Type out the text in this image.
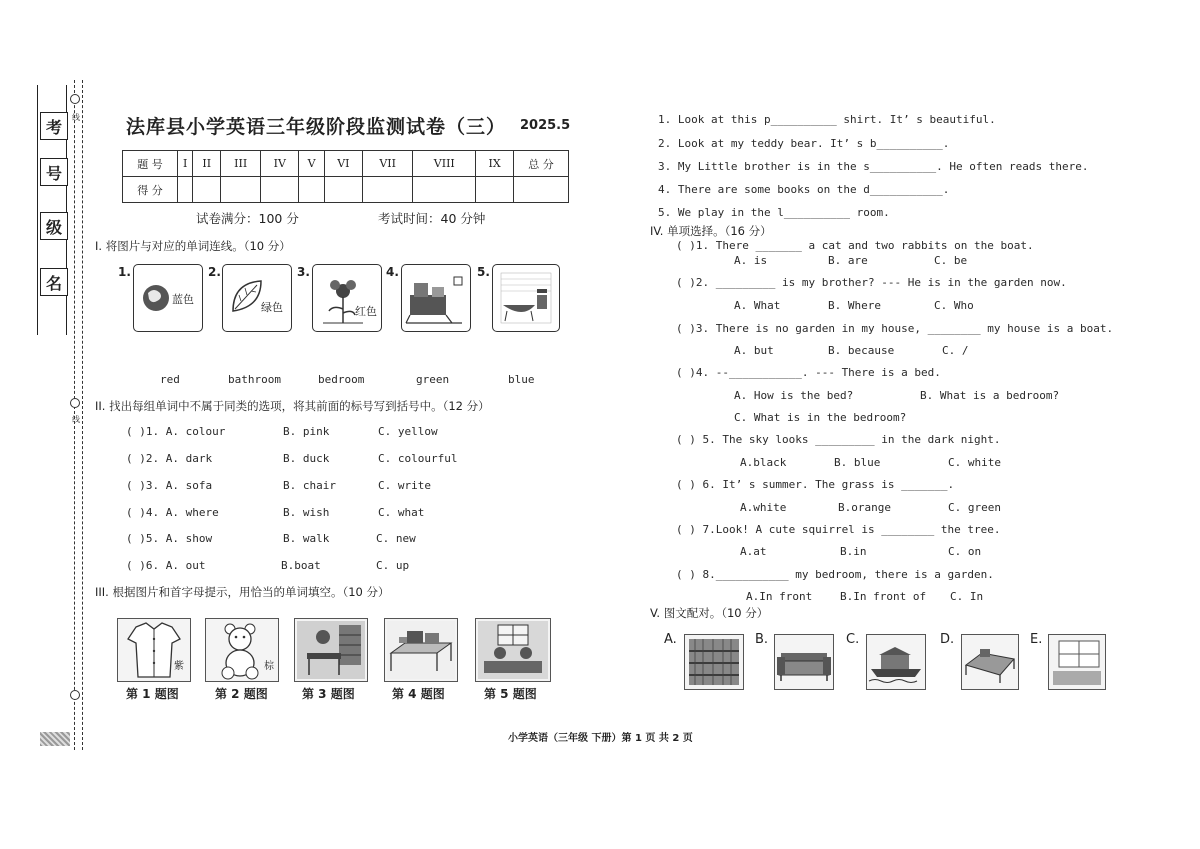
考
号
级
名
线
线
法库县小学英语三年级阶段监测试卷（三） 2025.5
题 号	I	II	III	IV	V	VI	VII	VIII	IX	总 分
得 分										
试卷满分：100 分	考试时间：40 分钟
I. 将图片与对应的单词连线。（10 分）
1.
蓝色
2.
绿色
3.
红色
4.	5.
red	bathroom	bedroom	green	blue
II. 找出每组单词中不属于同类的选项，将其前面的标号写到括号中。（12 分）
( )1. A. colour	B. pink	C. yellow
( )2. A. dark	B. duck	C. colourful
( )3. A. sofa	B. chair	C. write
( )4. A. where	B. wish	C. what
( )5. A. show	B. walk	C. new
( )6. A. out	B.boat	C. up
III. 根据图片和首字母提示，用恰当的单词填空。（10 分）
紫	棕
第 1 题图	第 2 题图	第 3 题图	第 4 题图	第 5 题图
1. Look at this p__________ shirt. It’ s beautiful.
2. Look at my teddy bear. It’ s b__________.
3. My Little brother is in the s__________. He often reads there.
4. There are some books on the d___________.
5. We play in the l__________ room.
IV. 单项选择。（16 分）
( )1. There _______ a cat and two rabbits on the boat.
A. is	B. are	C. be
( )2. _________ is my brother? --- He is in the garden now.
A. What	B. Where	C. Who
( )3. There is no garden in my house, ________ my house is a boat.
A. but	B. because	C. /
( )4. --___________. --- There is a bed.
A. How is the bed?	B. What is a bedroom?
C. What is in the bedroom?
( ) 5. The sky looks _________ in the dark night.
A.black	B. blue	C. white
( ) 6. It’ s summer. The grass is _______.
A.white	B.orange	C. green
( ) 7.Look! A cute squirrel is ________ the tree.
A.at	B.in	C. on
( ) 8.___________ my bedroom, there is a garden.
A.In front	B.In front of C. In
V. 图文配对。（10 分）
A.	B.	C.	D.	E.
小学英语（三年级 下册）第 1 页 共 2 页
